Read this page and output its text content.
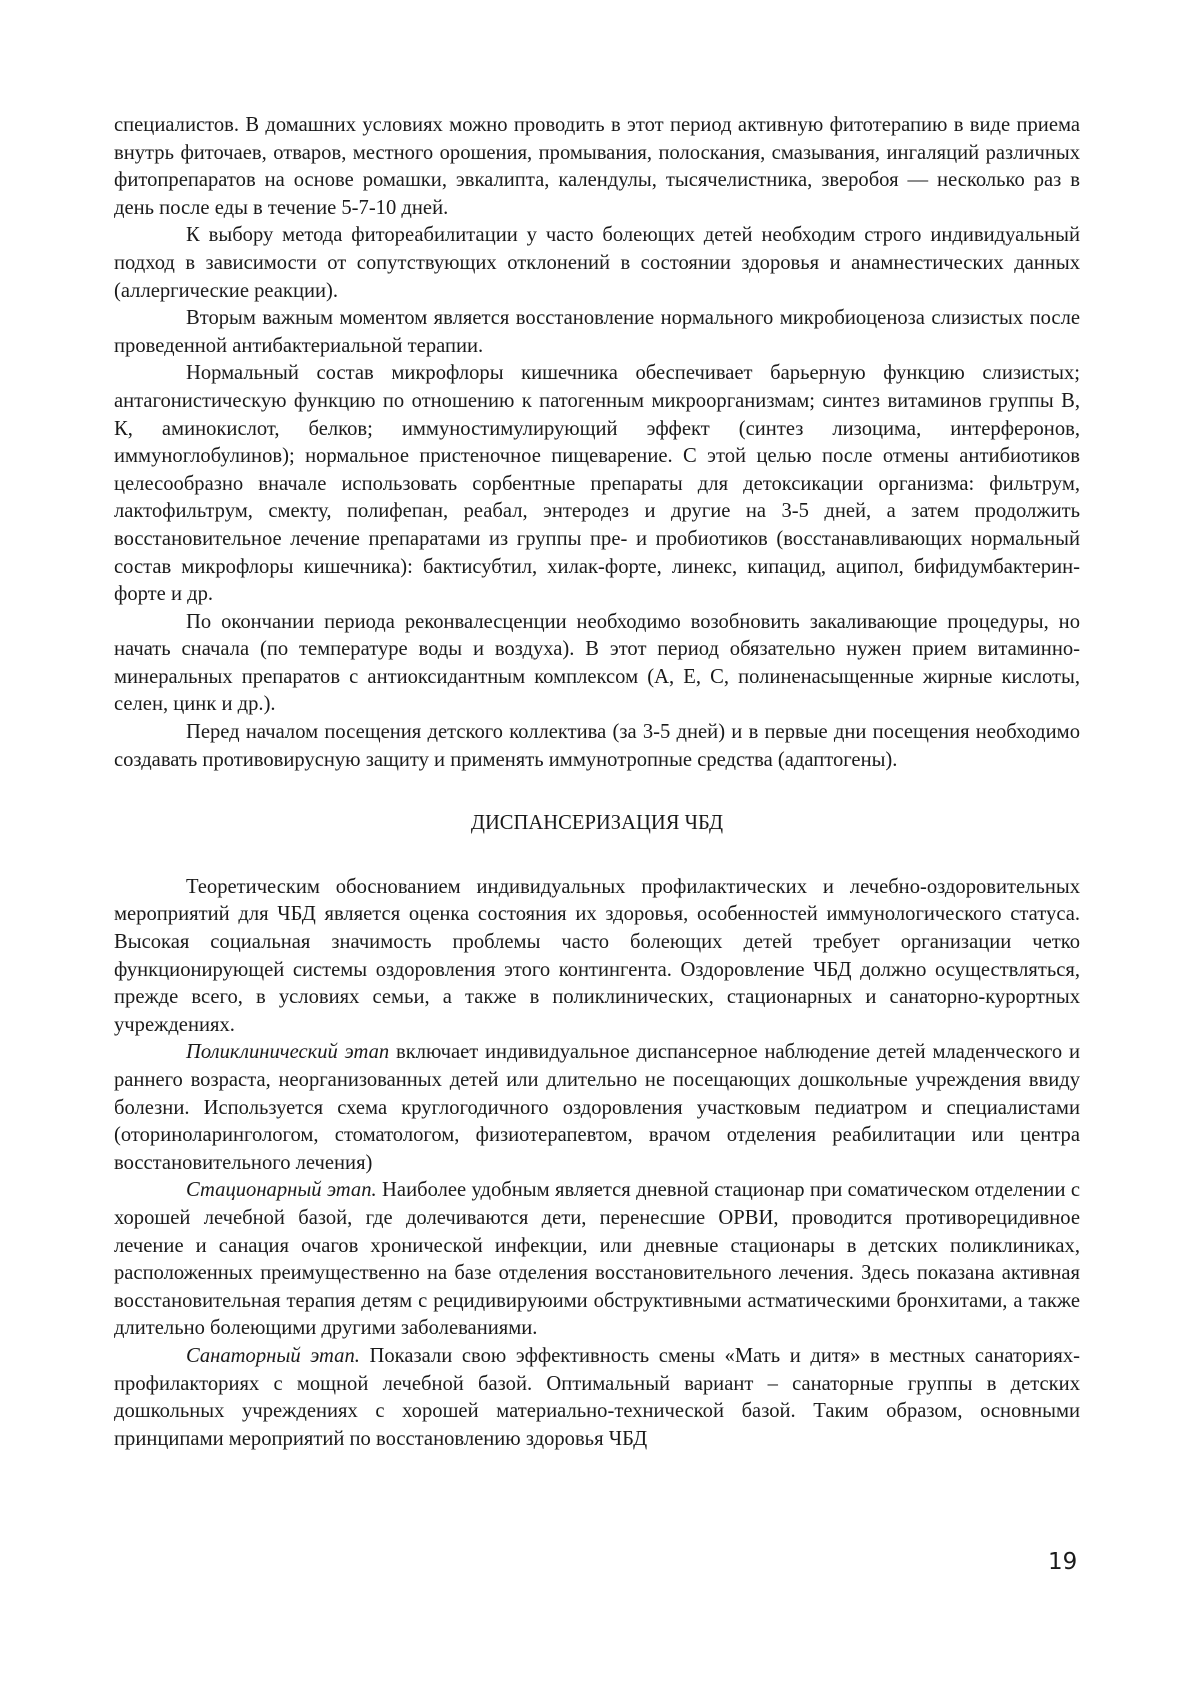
специалистов. В домашних условиях можно проводить в этот период активную фитотерапию в виде приема внутрь фиточаев, отваров, местного орошения, промывания, полоскания, смазывания, ингаляций различных фитопрепаратов на основе ромашки, эвкалипта, календулы, тысячелистника, зверобоя — несколько раз в день после еды в течение 5-7-10 дней.

К выбору метода фитореабилитации у часто болеющих детей необходим строго индивидуальный подход в зависимости от сопутствующих отклонений в состоянии здоровья и анамнестических данных (аллергические реакции).

Вторым важным моментом является восстановление нормального микробиоценоза слизистых после проведенной антибактериальной терапии.

Нормальный состав микрофлоры кишечника обеспечивает барьерную функцию слизистых; антагонистическую функцию по отношению к патогенным микроорганизмам; синтез витаминов группы В, К, аминокислот, белков; иммуностимулирующий эффект (синтез лизоцима, интерферонов, иммуноглобулинов); нормальное пристеночное пищеварение. С этой целью после отмены антибиотиков целесообразно вначале использовать сорбентные препараты для детоксикации организма: фильтрум, лактофильтрум, смекту, полифепан, реабал, энтеродез и другие на 3-5 дней, а затем продолжить восстановительное лечение препаратами из группы пре- и пробиотиков (восстанавливающих нормальный состав микрофлоры кишечника): бактисубтил, хилак-форте, линекс, кипацид, аципол, бифидумбактерин-форте и др.

По окончании периода реконвалесценции необходимо возобновить закаливающие процедуры, но начать сначала (по температуре воды и воздуха). В этот период обязательно нужен прием витаминно-минеральных препаратов с антиоксидантным комплексом (А, Е, С, полиненасыщенные жирные кислоты, селен, цинк и др.).

Перед началом посещения детского коллектива (за 3-5 дней) и в первые дни посещения необходимо создавать противовирусную защиту и применять иммунотропные средства (адаптогены).

ДИСПАНСЕРИЗАЦИЯ ЧБД

Теоретическим обоснованием индивидуальных профилактических и лечебно-оздоровительных мероприятий для ЧБД является оценка состояния их здоровья, особенностей иммунологического статуса. Высокая социальная значимость проблемы часто болеющих детей требует организации четко функционирующей системы оздоровления этого контингента. Оздоровление ЧБД должно осуществляться, прежде всего, в условиях семьи, а также в поликлинических, стационарных и санаторно-курортных учреждениях.

Поликлинический этап включает индивидуальное диспансерное наблюдение детей младенческого и раннего возраста, неорганизованных детей или длительно не посещающих дошкольные учреждения ввиду болезни. Используется схема круглогодичного оздоровления участковым педиатром и специалистами (оториноларингологом, стоматологом, физиотерапевтом, врачом отделения реабилитации или центра восстановительного лечения)

Стационарный этап. Наиболее удобным является дневной стационар при соматическом отделении с хорошей лечебной базой, где долечиваются дети, перенесшие ОРВИ, проводится противорецидивное лечение и санация очагов хронической инфекции, или дневные стационары в детских поликлиниках, расположенных преимущественно на базе отделения восстановительного лечения. Здесь показана активная восстановительная терапия детям с рецидивируюими обструктивными астматическими бронхитами, а также длительно болеющими другими заболеваниями.

Санаторный этап. Показали свою эффективность смены «Мать и дитя» в местных санаториях-профилакториях с мощной лечебной базой. Оптимальный вариант – санаторные группы в детских дошкольных учреждениях с хорошей материально-технической базой. Таким образом, основными принципами мероприятий по восстановлению здоровья ЧБД

19
